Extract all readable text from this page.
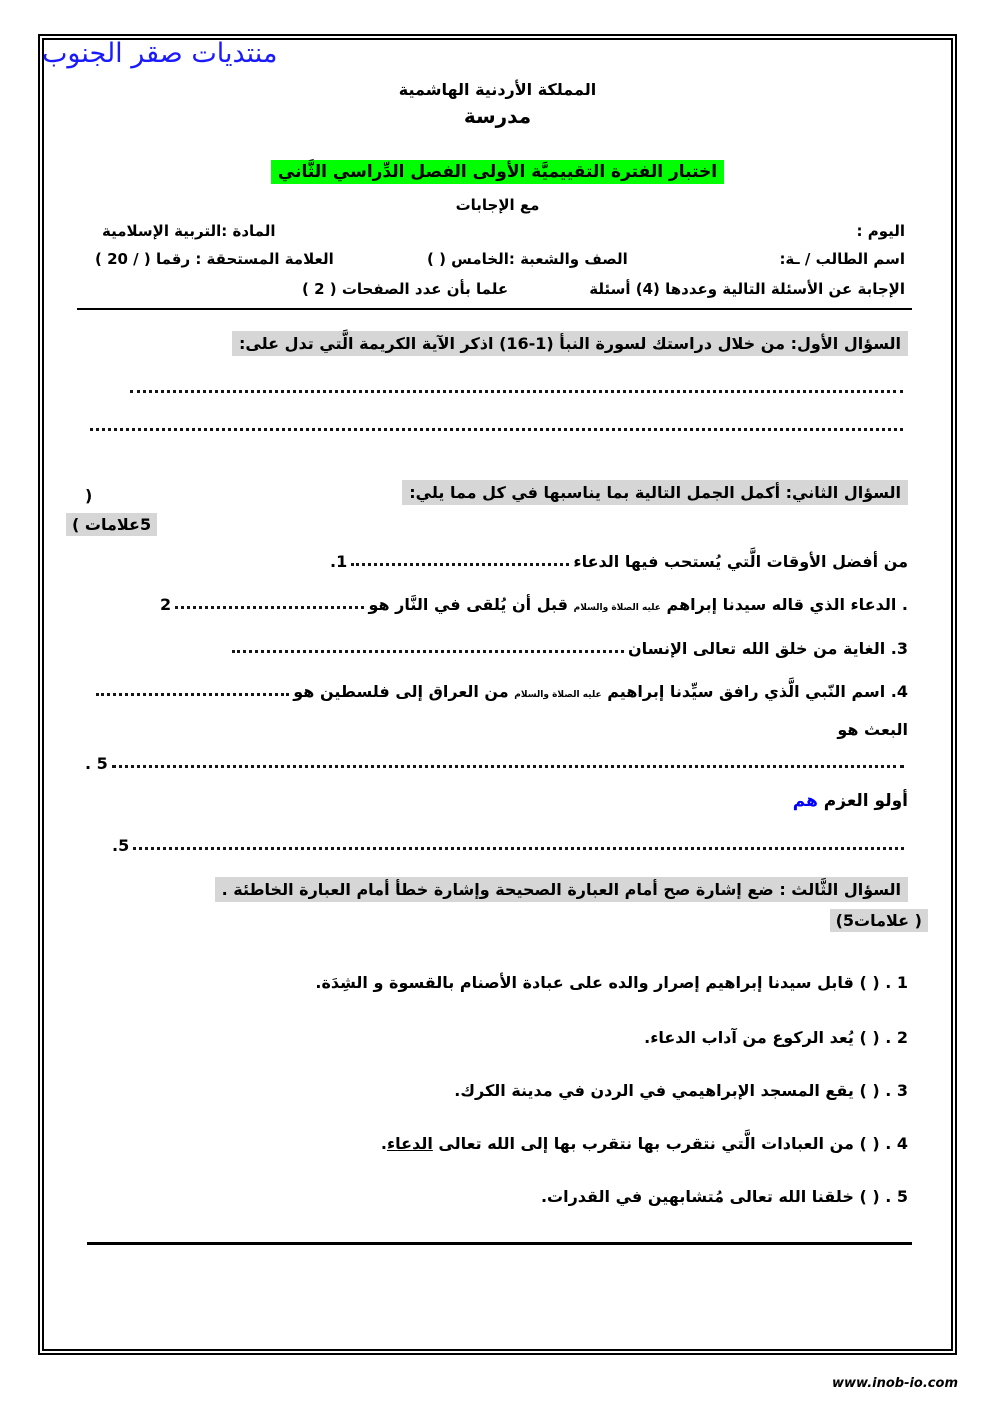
منتديات صقر الجنوب
المملكة الأردنية الهاشمية
مدرسة
اختبار الفترة التقييميَّة الأولى الفصل الدِّراسي الثَّاني
مع الإجابات
اليوم :
المادة :التربية الإسلامية
اسم الطالب / ـة:
الصف والشعبة :الخامس ( )
العلامة المستحقة : رقما ( 20 / )
الإجابة عن الأسئلة التالية وعددها (4) أسئلة
علما بأن عدد الصفحات ( 2 )
السؤال الأول: من خلال دراستك لسورة النبأ (1-16) اذكر الآية الكريمة الَّتي تدل على:
السؤال الثاني: أكمل الجمل التالية بما يناسبها في كل مما يلي:
(
5علامات )
من أفضل الأوقات الَّتي يُستحب فيها الدعاء
1.
. الدعاء الذي قاله سيدنا إبراهم عليه الصلاة والسلام قبل أن يُلقى في النَّار هو
2
3. الغاية من خلق الله تعالى الإنسان
4. اسم النّبي الَّذي رافق سيِّدنا إبراهيم عليه الصلاة والسلام من العراق إلى فلسطين هو
البعث هو
. 5
أولو العزم هم
.5
السؤال الثَّالث : ضع إشارة صح أمام العبارة الصحيحة وإشارة خطأ أمام العبارة الخاطئة .
(5علامات )
1 . ( ) قابل سيدنا إبراهيم إصرار والده على عبادة الأصنام بالقسوة و الشِدَة.
2 . ( ) يُعد الركوع من آداب الدعاء.
3 . ( ) يقع المسجد الإبراهيمي في الردن في مدينة الكرك.
4 . ( ) من العبادات الَّتي نتقرب بها نتقرب بها إلى الله تعالى الدعاء.
5 . ( ) خلقنا الله تعالى مُتشابهين في القدرات.
www.inob-io.com
